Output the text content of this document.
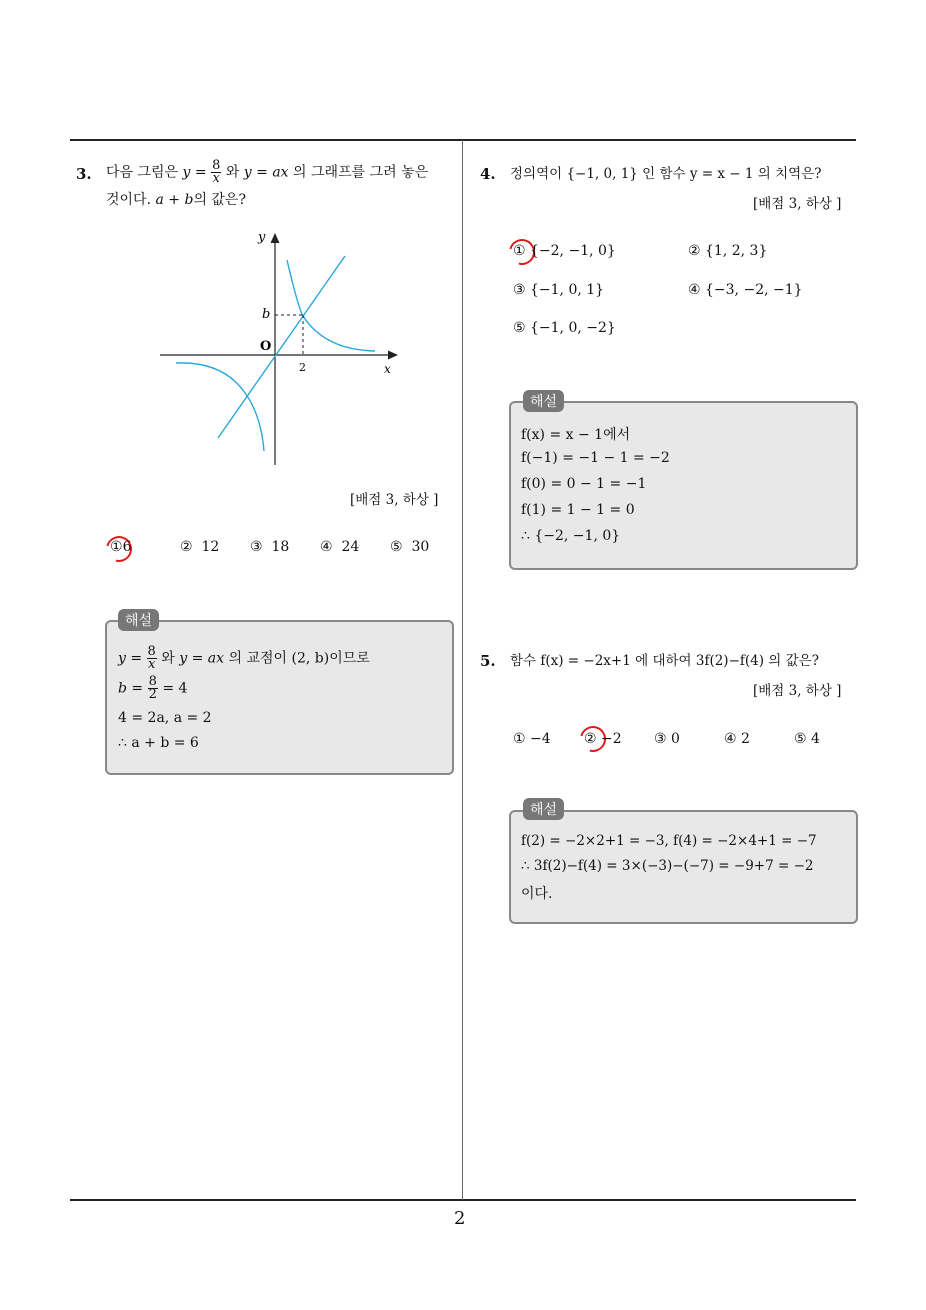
2
3. 다음 그림은 $y = \frac{8}{x}$ 와 y = ax 의 그래프를 그려 놓은
것이다. a + b의 값은?
y
x
O
b
2
[배점 3, 하상 ]
①6	② 12 ③ 18 ④ 24 ⑤ 30
해설
$y = \frac{8}{x}$ 와 y = ax 의 교점이 (2, b)이므로
$b = \frac{8}{2} = 4$
4 = 2a, a = 2
∴ a + b = 6
4. 정의역이 {−1, 0, 1} 인 함수 y = x − 1 의 치역은?
[배점 3, 하상 ]
① {−2, −1, 0}	② {1, 2, 3}
③ {−1, 0, 1}	④ {−3, −2, −1}
⑤ {−1, 0, −2}
해설
f(x) = x − 1에서
f(−1) = −1 − 1 = −2
f(0) = 0 − 1 = −1
f(1) = 1 − 1 = 0
∴ {−2, −1, 0}
5. 함수 f(x) = −2x+1 에 대하여 3f(2)−f(4) 의 값은?
[배점 3, 하상 ]
① −4 ② −2 ③ 0	④ 2	⑤ 4
해설
f(2) = −2×2+1 = −3, f(4) = −2×4+1 = −7
∴ 3f(2)−f(4) = 3×(−3)−(−7) = −9+7 = −2
이다.
